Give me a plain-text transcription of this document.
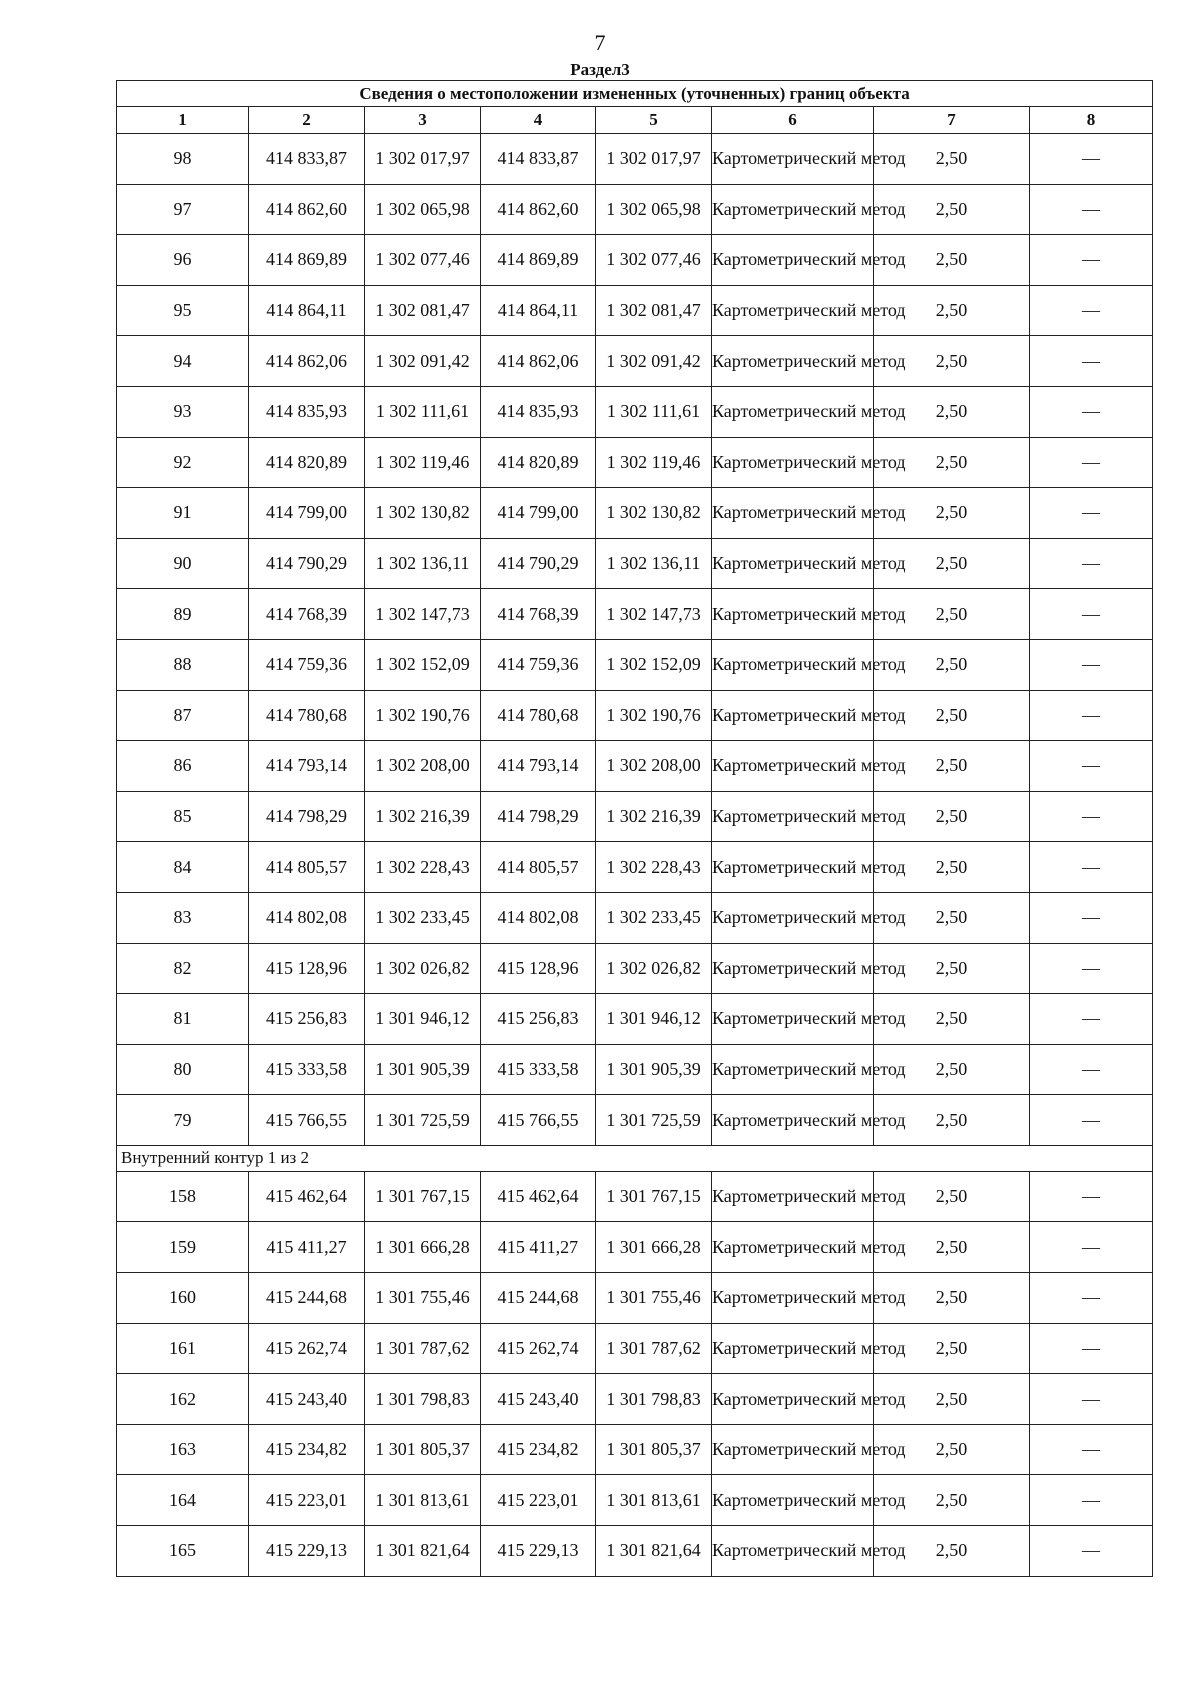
7
Раздел3
Сведения о местоположении измененных (уточненных) границ объекта							
1	2	3	4	5	6	7	8
98	414 833,87	1 302 017,97	414 833,87	1 302 017,97	Картометрический метод	2,50	—
97	414 862,60	1 302 065,98	414 862,60	1 302 065,98	Картометрический метод	2,50	—
96	414 869,89	1 302 077,46	414 869,89	1 302 077,46	Картометрический метод	2,50	—
95	414 864,11	1 302 081,47	414 864,11	1 302 081,47	Картометрический метод	2,50	—
94	414 862,06	1 302 091,42	414 862,06	1 302 091,42	Картометрический метод	2,50	—
93	414 835,93	1 302 111,61	414 835,93	1 302 111,61	Картометрический метод	2,50	—
92	414 820,89	1 302 119,46	414 820,89	1 302 119,46	Картометрический метод	2,50	—
91	414 799,00	1 302 130,82	414 799,00	1 302 130,82	Картометрический метод	2,50	—
90	414 790,29	1 302 136,11	414 790,29	1 302 136,11	Картометрический метод	2,50	—
89	414 768,39	1 302 147,73	414 768,39	1 302 147,73	Картометрический метод	2,50	—
88	414 759,36	1 302 152,09	414 759,36	1 302 152,09	Картометрический метод	2,50	—
87	414 780,68	1 302 190,76	414 780,68	1 302 190,76	Картометрический метод	2,50	—
86	414 793,14	1 302 208,00	414 793,14	1 302 208,00	Картометрический метод	2,50	—
85	414 798,29	1 302 216,39	414 798,29	1 302 216,39	Картометрический метод	2,50	—
84	414 805,57	1 302 228,43	414 805,57	1 302 228,43	Картометрический метод	2,50	—
83	414 802,08	1 302 233,45	414 802,08	1 302 233,45	Картометрический метод	2,50	—
82	415 128,96	1 302 026,82	415 128,96	1 302 026,82	Картометрический метод	2,50	—
81	415 256,83	1 301 946,12	415 256,83	1 301 946,12	Картометрический метод	2,50	—
80	415 333,58	1 301 905,39	415 333,58	1 301 905,39	Картометрический метод	2,50	—
79	415 766,55	1 301 725,59	415 766,55	1 301 725,59	Картометрический метод	2,50	—
Внутренний контур 1 из 2							
158	415 462,64	1 301 767,15	415 462,64	1 301 767,15	Картометрический метод	2,50	—
159	415 411,27	1 301 666,28	415 411,27	1 301 666,28	Картометрический метод	2,50	—
160	415 244,68	1 301 755,46	415 244,68	1 301 755,46	Картометрический метод	2,50	—
161	415 262,74	1 301 787,62	415 262,74	1 301 787,62	Картометрический метод	2,50	—
162	415 243,40	1 301 798,83	415 243,40	1 301 798,83	Картометрический метод	2,50	—
163	415 234,82	1 301 805,37	415 234,82	1 301 805,37	Картометрический метод	2,50	—
164	415 223,01	1 301 813,61	415 223,01	1 301 813,61	Картометрический метод	2,50	—
165	415 229,13	1 301 821,64	415 229,13	1 301 821,64	Картометрический метод	2,50	—
